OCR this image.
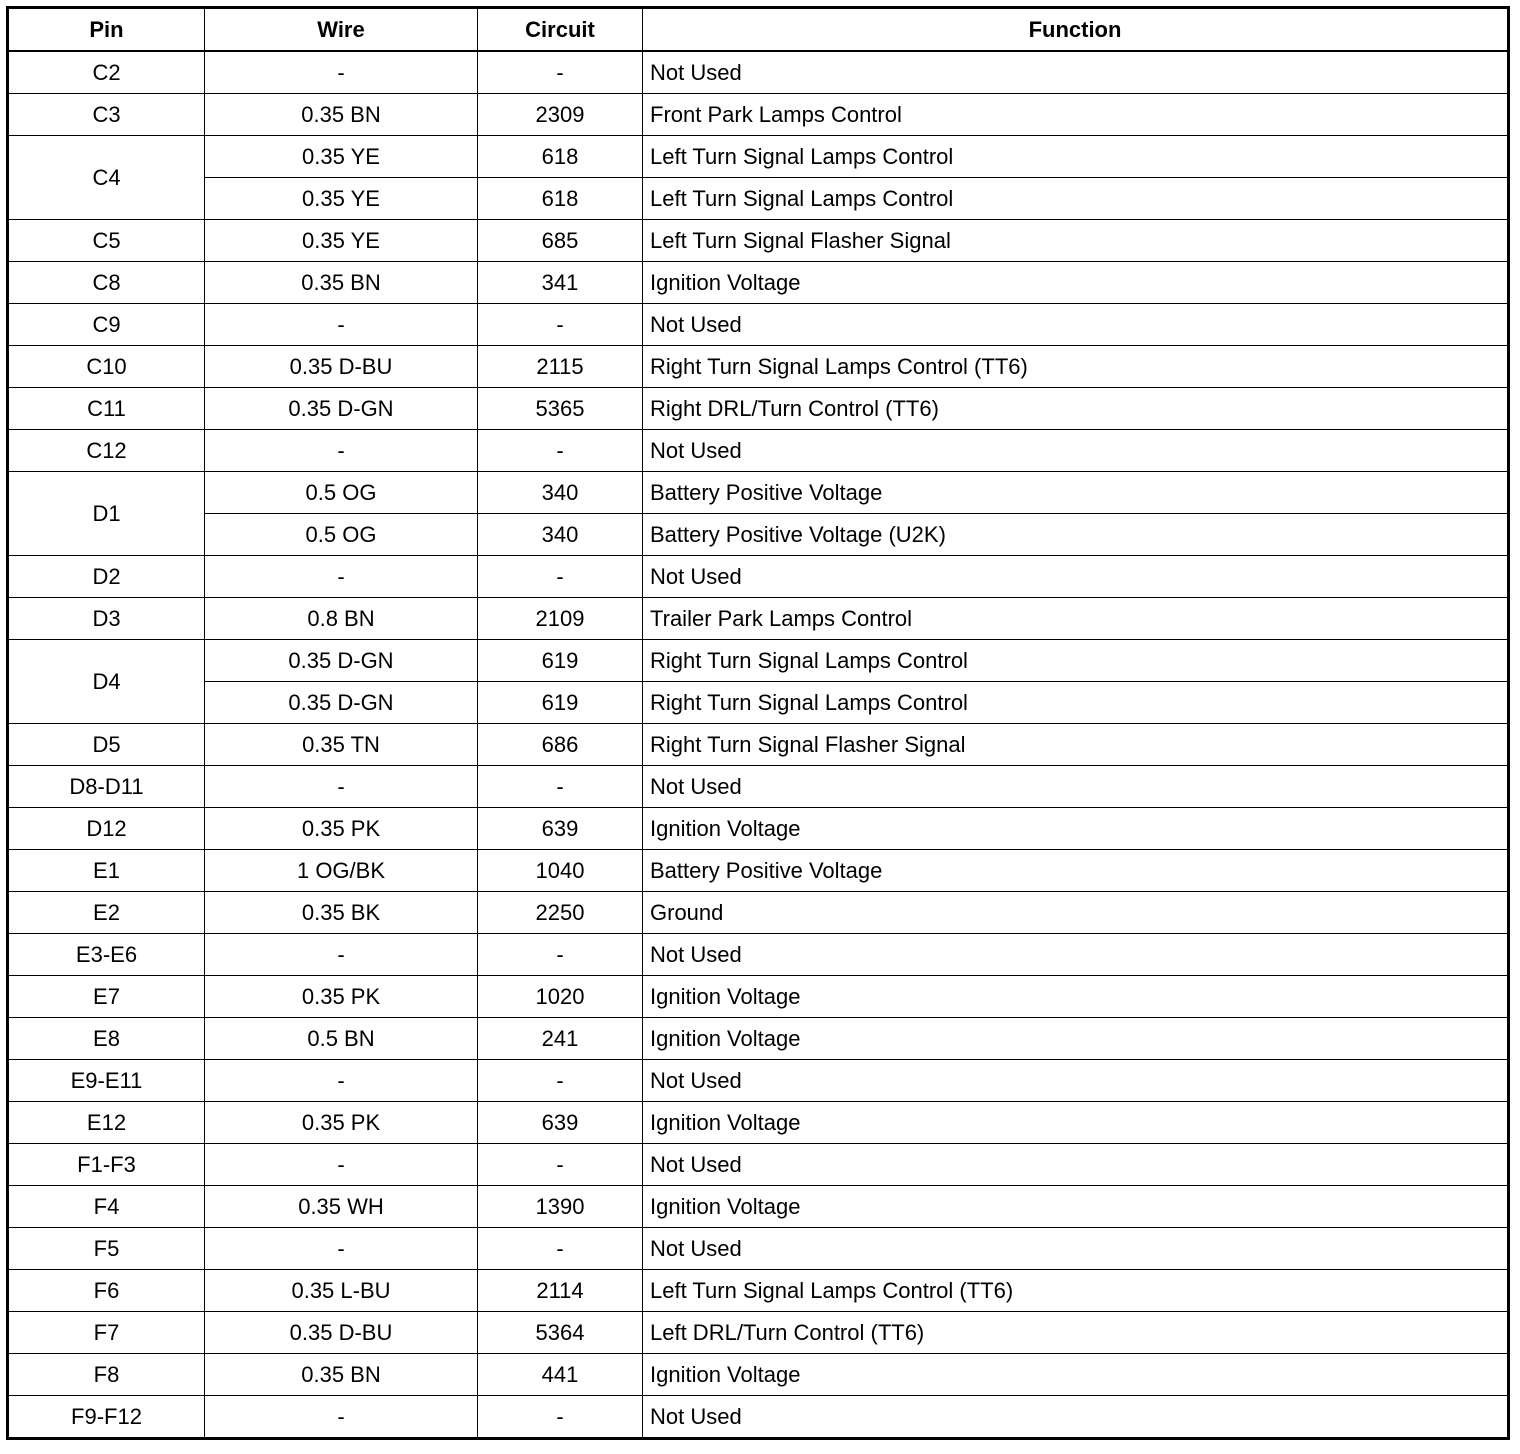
Pin	Wire	Circuit	Function
C2	-	-	Not Used
C3	0.35 BN	2309	Front Park Lamps Control
C4	0.35 YE	618	Left Turn Signal Lamps Control
	0.35 YE	618	Left Turn Signal Lamps Control
C5	0.35 YE	685	Left Turn Signal Flasher Signal
C8	0.35 BN	341	Ignition Voltage
C9	-	-	Not Used
C10	0.35 D-BU	2115	Right Turn Signal Lamps Control (TT6)
C11	0.35 D-GN	5365	Right DRL/Turn Control (TT6)
C12	-	-	Not Used
D1	0.5 OG	340	Battery Positive Voltage
	0.5 OG	340	Battery Positive Voltage (U2K)
D2	-	-	Not Used
D3	0.8 BN	2109	Trailer Park Lamps Control
D4	0.35 D-GN	619	Right Turn Signal Lamps Control
	0.35 D-GN	619	Right Turn Signal Lamps Control
D5	0.35 TN	686	Right Turn Signal Flasher Signal
D8-D11	-	-	Not Used
D12	0.35 PK	639	Ignition Voltage
E1	1 OG/BK	1040	Battery Positive Voltage
E2	0.35 BK	2250	Ground
E3-E6	-	-	Not Used
E7	0.35 PK	1020	Ignition Voltage
E8	0.5 BN	241	Ignition Voltage
E9-E11	-	-	Not Used
E12	0.35 PK	639	Ignition Voltage
F1-F3	-	-	Not Used
F4	0.35 WH	1390	Ignition Voltage
F5	-	-	Not Used
F6	0.35 L-BU	2114	Left Turn Signal Lamps Control (TT6)
F7	0.35 D-BU	5364	Left DRL/Turn Control (TT6)
F8	0.35 BN	441	Ignition Voltage
F9-F12	-	-	Not Used
